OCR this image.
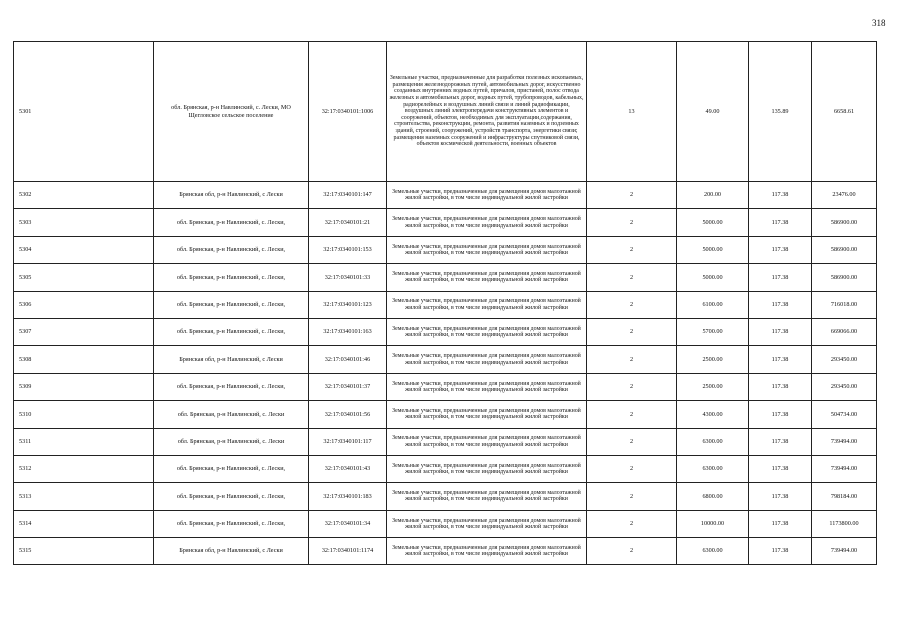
318
5301	обл. Брянская, р-н Навлинский, с. Лески, МО Щегловское сельское поселение	32:17:0340101:1006	Земельные участки, предназначенные для разработки полезных ископаемых, размещения железнодорожных путей, автомобильных дорог, искусственно созданных внутренних водных путей, причалов, пристаней, полос отвода железных и автомобильных дорог, водных путей, трубопроводов, кабельных, радиорелейных и воздушных линий связи и линий радиофикации, воздушных линий электропередачи конструктивных элементов и сооружений, объектов, необходимых для эксплуатации,содержания, строительства, реконструкции, ремонта, развития наземных и подземных зданий, строений, сооружений, устройств транспорта, энергетики связи; размещения наземных сооружений и инфраструктуры спутниковой связи, объектов космической деятельности, военных объектов	13	49.00	135.89	6658.61
5302	Брянская обл, р-н Навлинский, с Лески	32:17:0340101:147	Земельные участки, предназначенные для размещения домов малоэтажной жилой застройки, в том числе индивидуальной жилой застройки	2	200.00	117.38	23476.00
5303	обл. Брянская, р-н Навлинский, с. Лески,	32:17:0340101:21	Земельные участки, предназначенные для размещения домов малоэтажной жилой застройки, в том числе индивидуальной жилой застройки	2	5000.00	117.38	586900.00
5304	обл. Брянская, р-н Навлинский, с. Лески,	32:17:0340101:153	Земельные участки, предназначенные для размещения домов малоэтажной жилой застройки, в том числе индивидуальной жилой застройки	2	5000.00	117.38	586900.00
5305	обл. Брянская, р-н Навлинский, с. Лески,	32:17:0340101:33	Земельные участки, предназначенные для размещения домов малоэтажной жилой застройки, в том числе индивидуальной жилой застройки	2	5000.00	117.38	586900.00
5306	обл. Брянская, р-н Навлинский, с. Лески,	32:17:0340101:123	Земельные участки, предназначенные для размещения домов малоэтажной жилой застройки, в том числе индивидуальной жилой застройки	2	6100.00	117.38	716018.00
5307	обл. Брянская, р-н Навлинский, с. Лески,	32:17:0340101:163	Земельные участки, предназначенные для размещения домов малоэтажной жилой застройки, в том числе индивидуальной жилой застройки	2	5700.00	117.38	669066.00
5308	Брянская обл, р-н Навлинский, с Лески	32:17:0340101:46	Земельные участки, предназначенные для размещения домов малоэтажной жилой застройки, в том числе индивидуальной жилой застройки	2	2500.00	117.38	293450.00
5309	обл. Брянская, р-н Навлинский, с. Лески,	32:17:0340101:37	Земельные участки, предназначенные для размещения домов малоэтажной жилой застройки, в том числе индивидуальной жилой застройки	2	2500.00	117.38	293450.00
5310	обл. Брянская, р-н Навлинский, с. Лески	32:17:0340101:56	Земельные участки, предназначенные для размещения домов малоэтажной жилой застройки, в том числе индивидуальной жилой застройки	2	4300.00	117.38	504734.00
5311	обл. Брянская, р-н Навлинский, с. Лески	32:17:0340101:117	Земельные участки, предназначенные для размещения домов малоэтажной жилой застройки, в том числе индивидуальной жилой застройки	2	6300.00	117.38	739494.00
5312	обл. Брянская, р-н Навлинский, с. Лески,	32:17:0340101:43	Земельные участки, предназначенные для размещения домов малоэтажной жилой застройки, в том числе индивидуальной жилой застройки	2	6300.00	117.38	739494.00
5313	обл. Брянская, р-н Навлинский, с. Лески,	32:17:0340101:183	Земельные участки, предназначенные для размещения домов малоэтажной жилой застройки, в том числе индивидуальной жилой застройки	2	6800.00	117.38	798184.00
5314	обл. Брянская, р-н Навлинский, с. Лески,	32:17:0340101:34	Земельные участки, предназначенные для размещения домов малоэтажной жилой застройки, в том числе индивидуальной жилой застройки	2	10000.00	117.38	1173800.00
5315	Брянская обл, р-н Навлинский, с Лески	32:17:0340101:1174	Земельные участки, предназначенные для размещения домов малоэтажной жилой застройки, в том числе индивидуальной жилой застройки	2	6300.00	117.38	739494.00
